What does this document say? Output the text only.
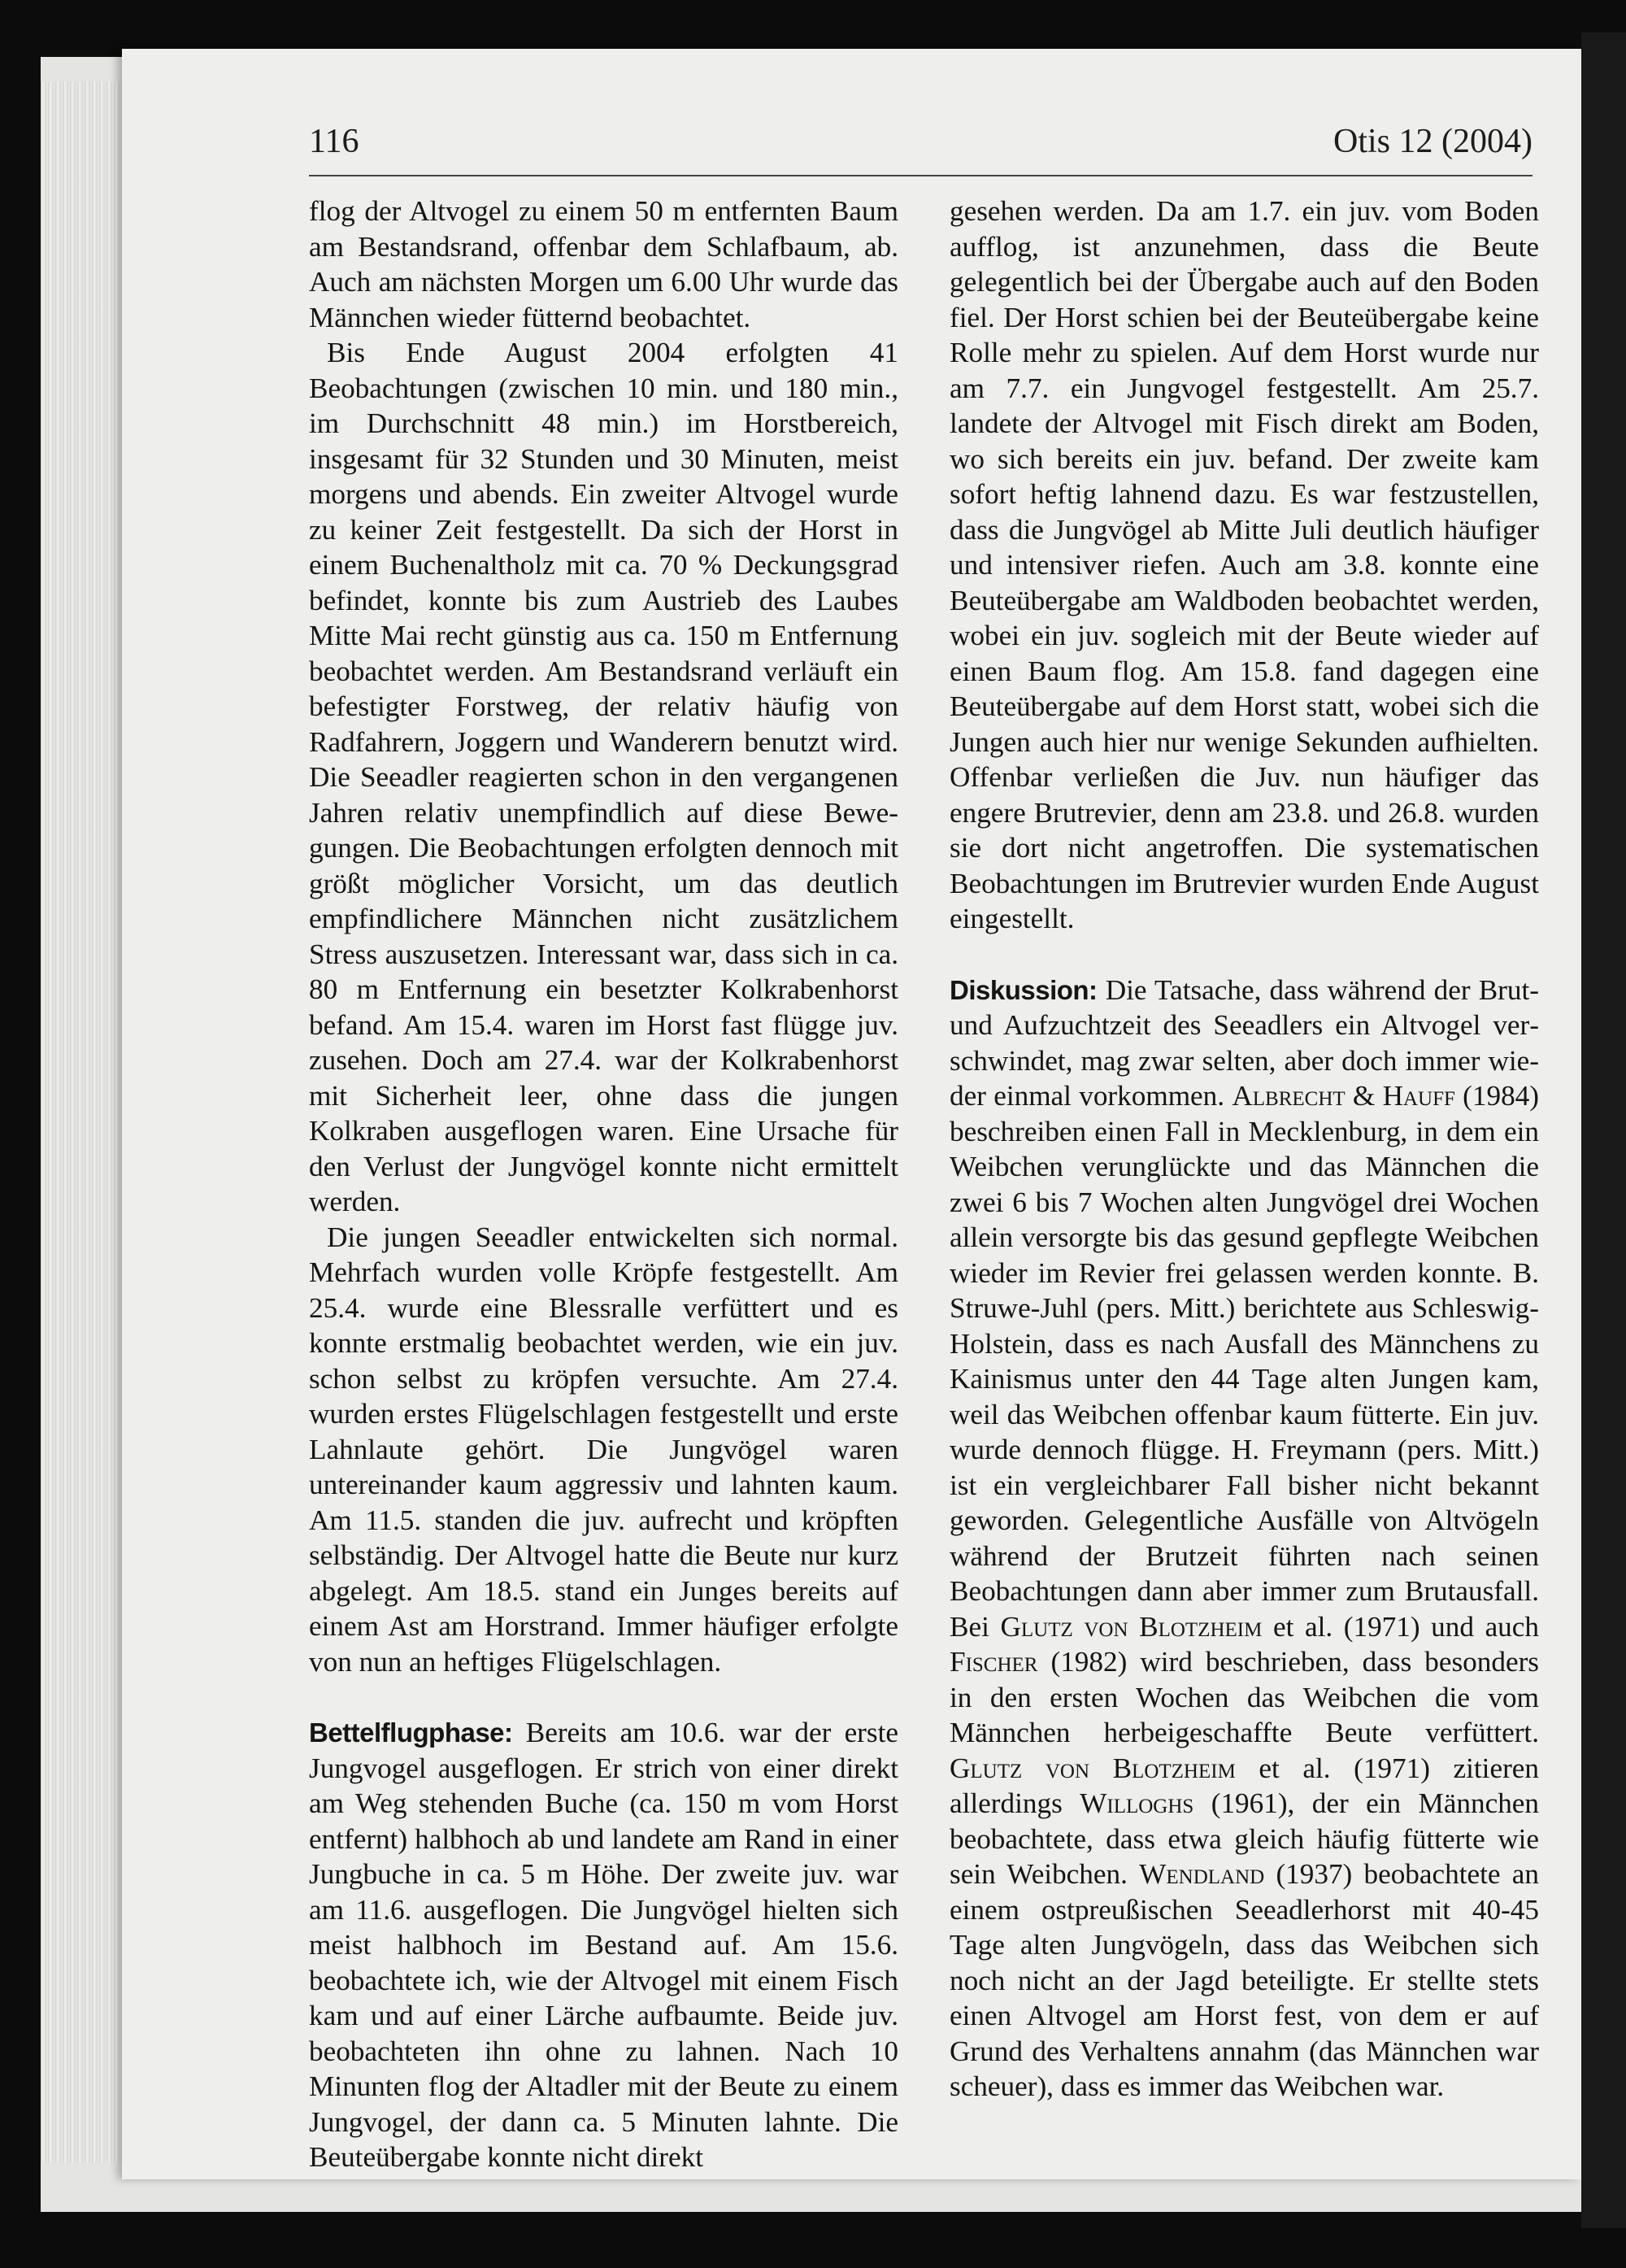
116	Otis 12 (2004)

flog der Altvogel zu einem 50 m entfernten Baum am Bestandsrand, offenbar dem Schlafbaum, ab. Auch am nächsten Morgen um 6.00 Uhr wurde das Männchen wieder fütternd beobachtet.

Bis Ende August 2004 erfolgten 41 Beobachtungen (zwischen 10 min. und 180 min., im Durchschnitt 48 min.) im Horstbereich, insgesamt für 32 Stunden und 30 Minuten, meist morgens und abends. Ein zweiter Altvogel wurde zu keiner Zeit festgestellt. Da sich der Horst in einem Buchenaltholz mit ca. 70 % Deckungsgrad befindet, konnte bis zum Austrieb des Laubes Mitte Mai recht günstig aus ca. 150 m Entfernung beobachtet werden. Am Bestandsrand verläuft ein befestigter Forstweg, der relativ häufig von Radfahrern, Joggern und Wanderern benutzt wird. Die Seeadler reagierten schon in den vergangenen Jahren relativ unempfindlich auf diese Bewegungen. Die Beobachtungen erfolgten dennoch mit größt möglicher Vorsicht, um das deutlich empfindlichere Männchen nicht zusätzlichem Stress auszusetzen. Interessant war, dass sich in ca. 80 m Entfernung ein besetzter Kolkrabenhorst befand. Am 15.4. waren im Horst fast flügge juv. zusehen. Doch am 27.4. war der Kolkrabenhorst mit Sicherheit leer, ohne dass die jungen Kolkraben ausgeflogen waren. Eine Ursache für den Verlust der Jungvögel konnte nicht ermittelt werden.

Die jungen Seeadler entwickelten sich normal. Mehrfach wurden volle Kröpfe festgestellt. Am 25.4. wurde eine Blessralle verfüttert und es konnte erstmalig beobachtet werden, wie ein juv. schon selbst zu kröpfen versuchte. Am 27.4. wurden erstes Flügelschlagen festgestellt und erste Lahnlaute gehört. Die Jungvögel waren untereinander kaum aggressiv und lahnten kaum. Am 11.5. standen die juv. aufrecht und kröpften selbständig. Der Altvogel hatte die Beute nur kurz abgelegt. Am 18.5. stand ein Junges bereits auf einem Ast am Horstrand. Immer häufiger erfolgte von nun an heftiges Flügelschlagen.

Bettelflugphase: Bereits am 10.6. war der erste Jungvogel ausgeflogen. Er strich von einer direkt am Weg stehenden Buche (ca. 150 m vom Horst entfernt) halbhoch ab und landete am Rand in einer Jungbuche in ca. 5 m Höhe. Der zweite juv. war am 11.6. ausgeflogen. Die Jungvögel hielten sich meist halbhoch im Bestand auf. Am 15.6. beobachtete ich, wie der Altvogel mit einem Fisch kam und auf einer Lärche aufbaumte. Beide juv. beobachteten ihn ohne zu lahnen. Nach 10 Minunten flog der Altadler mit der Beute zu einem Jungvogel, der dann ca. 5 Minuten lahnte. Die Beuteübergabe konnte nicht direkt

gesehen werden. Da am 1.7. ein juv. vom Boden aufflog, ist anzunehmen, dass die Beute gelegentlich bei der Übergabe auch auf den Boden fiel. Der Horst schien bei der Beuteübergabe keine Rolle mehr zu spielen. Auf dem Horst wurde nur am 7.7. ein Jungvogel festgestellt. Am 25.7. landete der Altvogel mit Fisch direkt am Boden, wo sich bereits ein juv. befand. Der zweite kam sofort heftig lahnend dazu. Es war festzustellen, dass die Jungvögel ab Mitte Juli deutlich häufiger und intensiver riefen. Auch am 3.8. konnte eine Beuteübergabe am Waldboden beobachtet werden, wobei ein juv. sogleich mit der Beute wieder auf einen Baum flog. Am 15.8. fand dagegen eine Beuteübergabe auf dem Horst statt, wobei sich die Jungen auch hier nur wenige Sekunden aufhielten. Offenbar verließen die Juv. nun häufiger das engere Brutrevier, denn am 23.8. und 26.8. wurden sie dort nicht angetroffen. Die systematischen Beobachtungen im Brutrevier wurden Ende August eingestellt.

Diskussion: Die Tatsache, dass während der Brut- und Aufzuchtzeit des Seeadlers ein Altvogel verschwindet, mag zwar selten, aber doch immer wieder einmal vorkommen. Albrecht & Hauff (1984) beschreiben einen Fall in Mecklenburg, in dem ein Weibchen verunglückte und das Männchen die zwei 6 bis 7 Wochen alten Jungvögel drei Wochen allein versorgte bis das gesund gepflegte Weibchen wieder im Revier frei gelassen werden konnte. B. Struwe-Juhl (pers. Mitt.) berichtete aus Schleswig-Holstein, dass es nach Ausfall des Männchens zu Kainismus unter den 44 Tage alten Jungen kam, weil das Weibchen offenbar kaum fütterte. Ein juv. wurde dennoch flügge. H. Freymann (pers. Mitt.) ist ein vergleichbarer Fall bisher nicht bekannt geworden. Gelegentliche Ausfälle von Altvögeln während der Brutzeit führten nach seinen Beobachtungen dann aber immer zum Brutausfall. Bei Glutz von Blotzheim et al. (1971) und auch Fischer (1982) wird beschrieben, dass besonders in den ersten Wochen das Weibchen die vom Männchen herbeigeschaffte Beute verfüttert. Glutz von Blotzheim et al. (1971) zitieren allerdings Willoghs (1961), der ein Männchen beobachtete, dass etwa gleich häufig fütterte wie sein Weibchen. Wendland (1937) beobachtete an einem ostpreußischen Seeadlerhorst mit 40-45 Tage alten Jungvögeln, dass das Weibchen sich noch nicht an der Jagd beteiligte. Er stellte stets einen Altvogel am Horst fest, von dem er auf Grund des Verhaltens annahm (das Männchen war scheuer), dass es immer das Weibchen war.
